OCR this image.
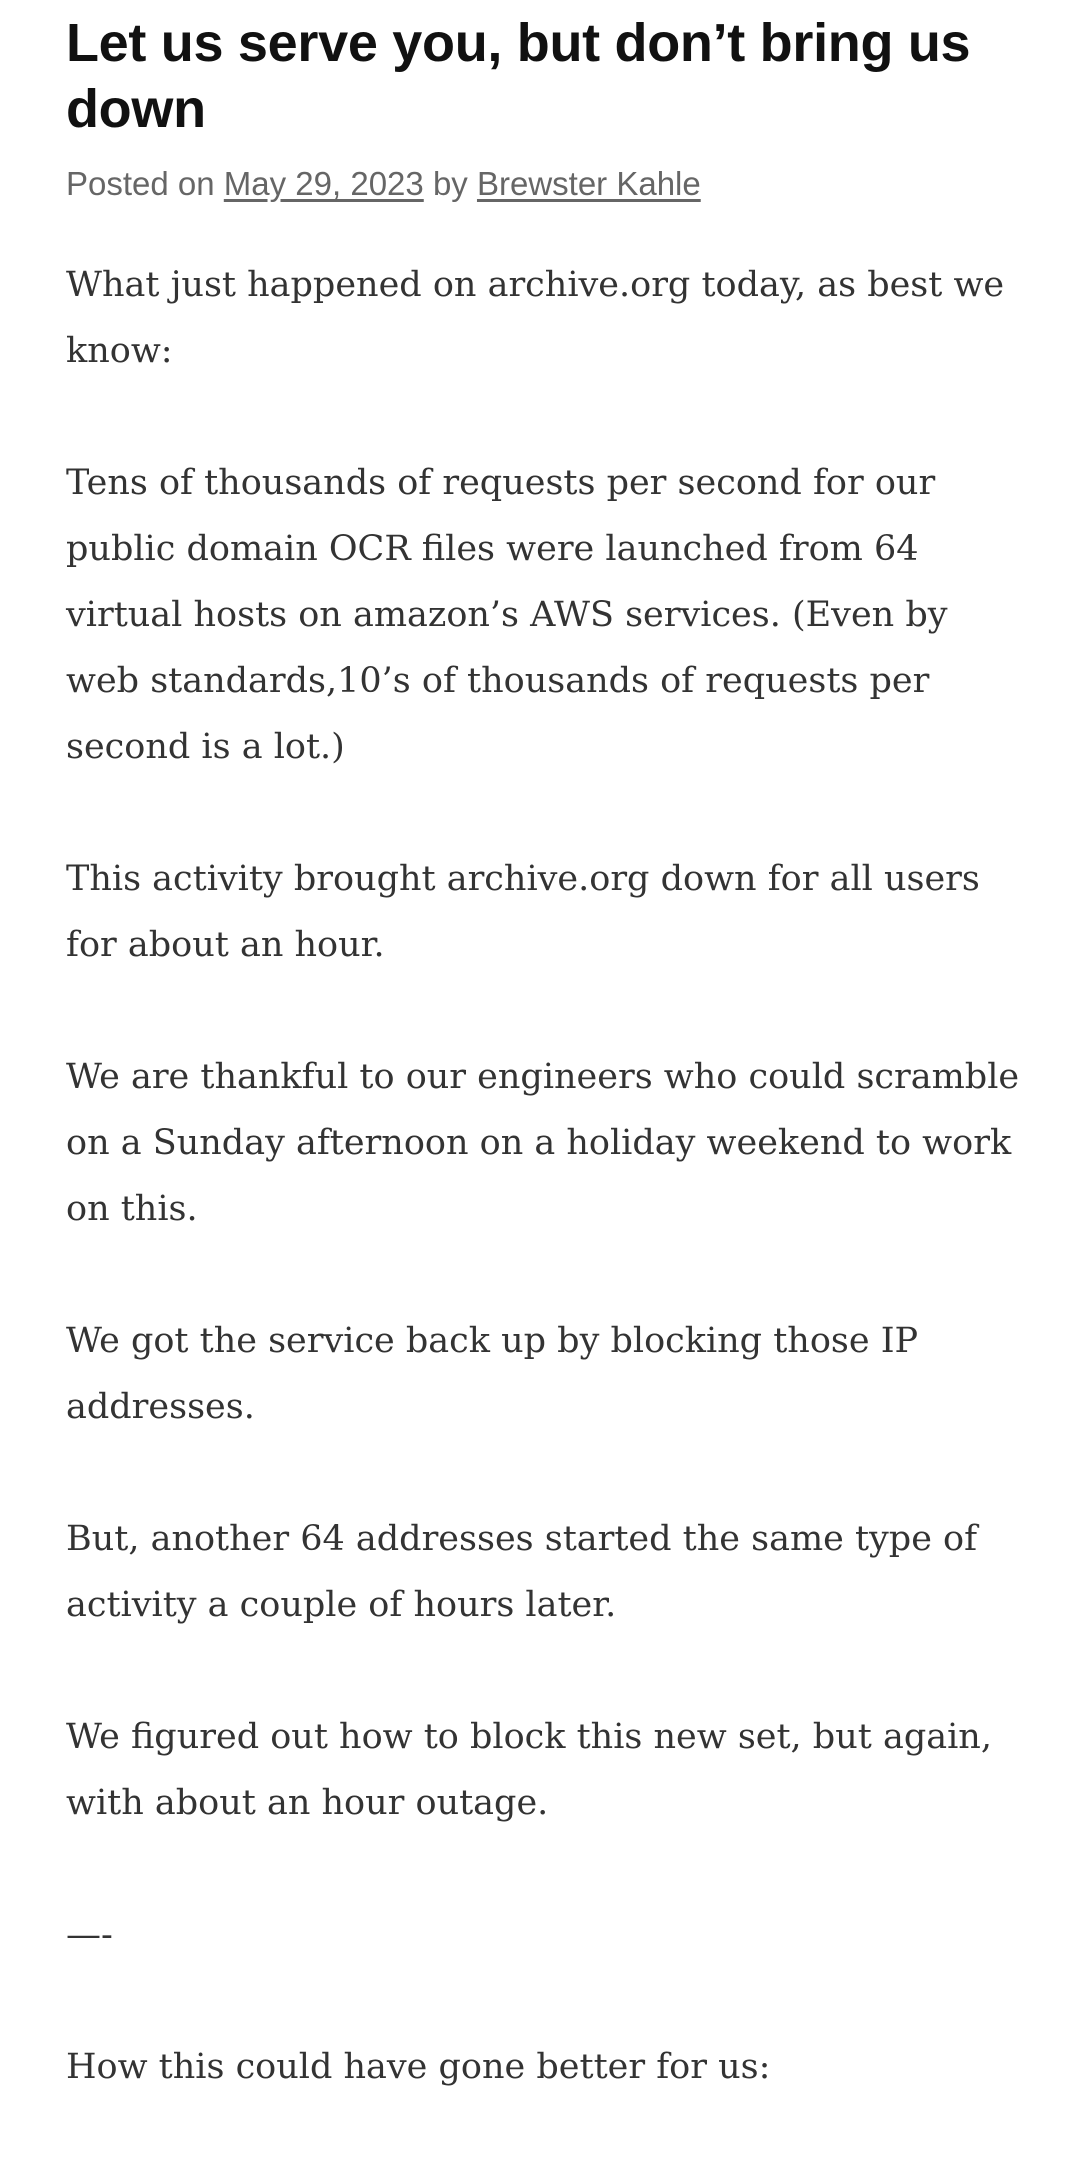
Let us serve you, but don’t bring us down
Posted on May 29, 2023 by Brewster Kahle

What just happened on archive.org today, as best we know:

Tens of thousands of requests per second for our public domain OCR files were launched from 64 virtual hosts on amazon’s AWS services. (Even by web standards,10’s of thousands of requests per second is a lot.)

This activity brought archive.org down for all users for about an hour.

We are thankful to our engineers who could scramble on a Sunday afternoon on a holiday weekend to work on this.

We got the service back up by blocking those IP addresses.

But, another 64 addresses started the same type of activity a couple of hours later.

We figured out how to block this new set, but again, with about an hour outage.

—-

How this could have gone better for us:
